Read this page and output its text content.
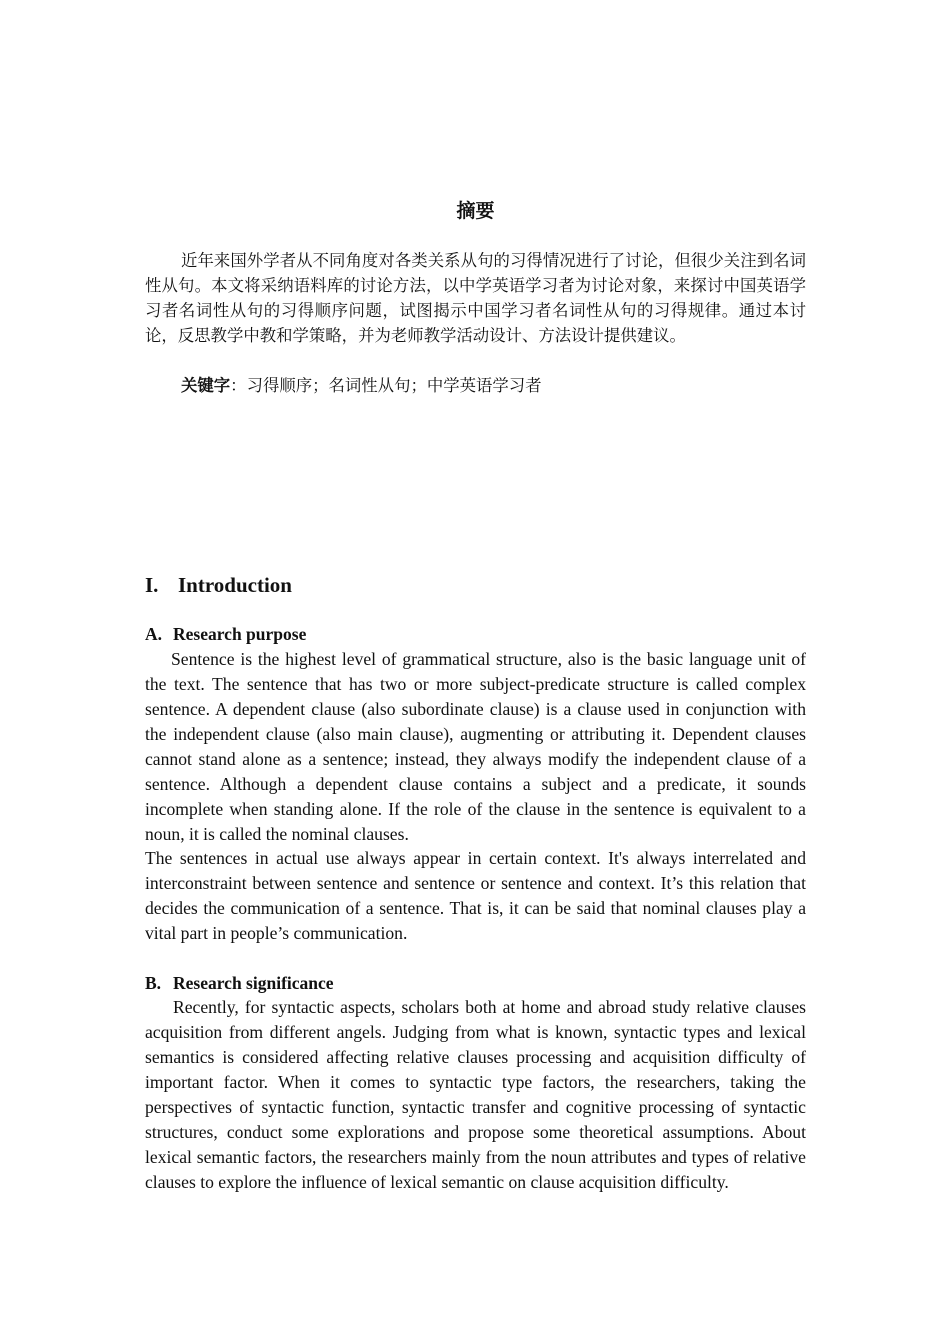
摘要

近年来国外学者从不同角度对各类关系从句的习得情况进行了讨论，但很少关注到名词性从句。本文将采纳语料库的讨论方法，以中学英语学习者为讨论对象，来探讨中国英语学习者名词性从句的习得顺序问题，试图揭示中国学习者名词性从句的习得规律。通过本讨论，反思教学中教和学策略，并为老师教学活动设计、方法设计提供建议。

关键字：习得顺序；名词性从句；中学英语学习者
I. Introduction
A. Research purpose

Sentence is the highest level of grammatical structure, also is the basic language unit of the text. The sentence that has two or more subject-predicate structure is called complex sentence. A dependent clause (also subordinate clause) is a clause used in conjunction with the independent clause (also main clause), augmenting or attributing it. Dependent clauses cannot stand alone as a sentence; instead, they always modify the independent clause of a sentence. Although a dependent clause contains a subject and a predicate, it sounds incomplete when standing alone. If the role of the clause in the sentence is equivalent to a noun, it is called the nominal clauses.

The sentences in actual use always appear in certain context. It's always interrelated and interconstraint between sentence and sentence or sentence and context. It’s this relation that decides the communication of a sentence. That is, it can be said that nominal clauses play a vital part in people’s communication.

B. Research significance

Recently, for syntactic aspects, scholars both at home and abroad study relative clauses acquisition from different angels. Judging from what is known, syntactic types and lexical semantics is considered affecting relative clauses processing and acquisition difficulty of important factor. When it comes to syntactic type factors, the researchers, taking the perspectives of syntactic function, syntactic transfer and cognitive processing of syntactic structures, conduct some explorations and propose some theoretical assumptions. About lexical semantic factors, the researchers mainly from the noun attributes and types of relative clauses to explore the influence of lexical semantic on clause acquisition difficulty.
